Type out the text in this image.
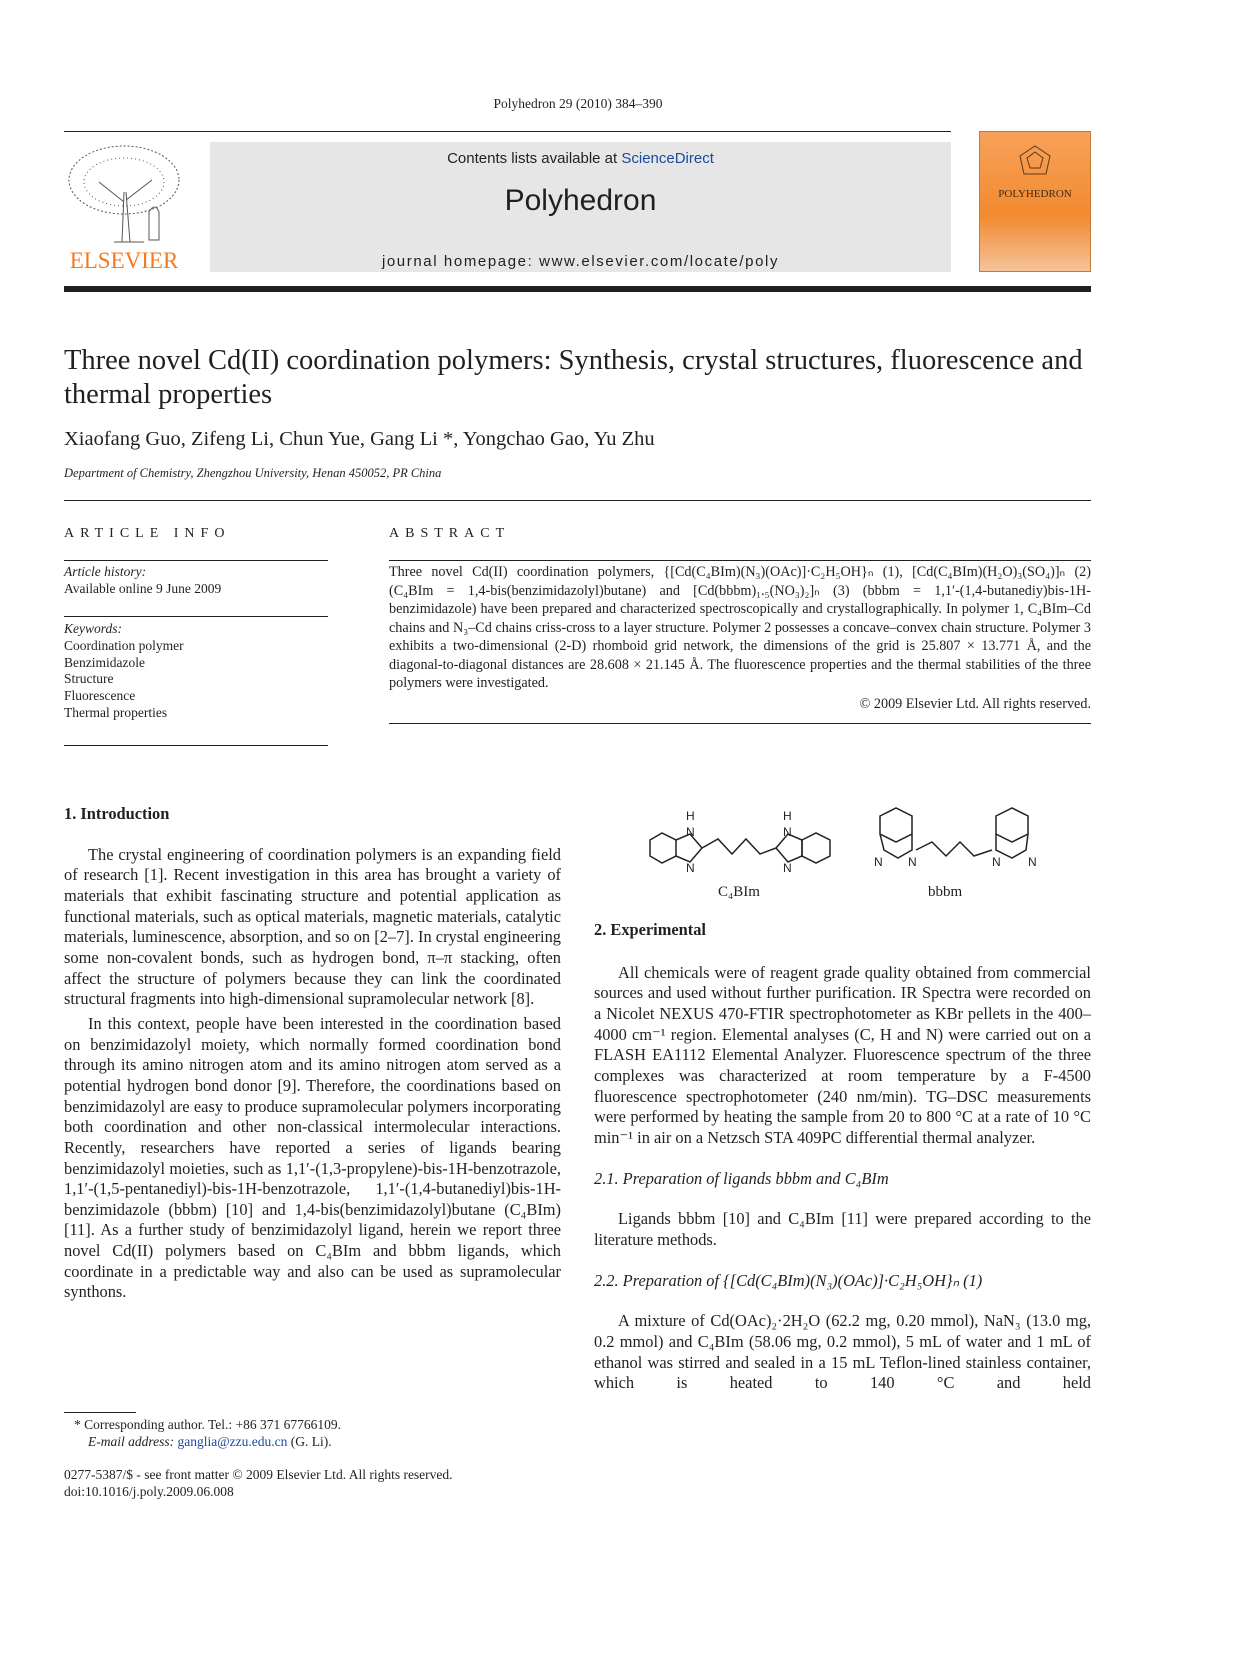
Polyhedron 29 (2010) 384–390
ELSEVIER
Contents lists available at ScienceDirect
Polyhedron
journal homepage: www.elsevier.com/locate/poly
POLYHEDRON
Three novel Cd(II) coordination polymers: Synthesis, crystal structures, fluorescence and thermal properties
Xiaofang Guo, Zifeng Li, Chun Yue, Gang Li *, Yongchao Gao, Yu Zhu
Department of Chemistry, Zhengzhou University, Henan 450052, PR China
ARTICLE INFO
Article history:
Available online 9 June 2009
Keywords:
Coordination polymer
Benzimidazole
Structure
Fluorescence
Thermal properties
ABSTRACT
Three novel Cd(II) coordination polymers, {[Cd(C₄BIm)(N₃)(OAc)]·C₂H₅OH}ₙ (1), [Cd(C₄BIm)(H₂O)₃(SO₄)]ₙ (2) (C₄BIm = 1,4-bis(benzimidazolyl)butane) and [Cd(bbbm)₁.₅(NO₃)₂]ₙ (3) (bbbm = 1,1′-(1,4-butanediy)bis-1H-benzimidazole) have been prepared and characterized spectroscopically and crystallographically. In polymer 1, C₄BIm–Cd chains and N₃–Cd chains criss-cross to a layer structure. Polymer 2 possesses a concave–convex chain structure. Polymer 3 exhibits a two-dimensional (2-D) rhomboid grid network, the dimensions of the grid is 25.807 × 13.771 Å, and the diagonal-to-diagonal distances are 28.608 × 21.145 Å. The fluorescence properties and the thermal stabilities of the three polymers were investigated.
© 2009 Elsevier Ltd. All rights reserved.
1. Introduction

The crystal engineering of coordination polymers is an expanding field of research [1]. Recent investigation in this area has brought a variety of materials that exhibit fascinating structure and potential application as functional materials, such as optical materials, magnetic materials, catalytic materials, luminescence, absorption, and so on [2–7]. In crystal engineering some non-covalent bonds, such as hydrogen bond, π–π stacking, often affect the structure of polymers because they can link the coordinated structural fragments into high-dimensional supramolecular network [8].

In this context, people have been interested in the coordination based on benzimidazolyl moiety, which normally formed coordination bond through its amino nitrogen atom and its amino nitrogen atom served as a potential hydrogen bond donor [9]. Therefore, the coordinations based on benzimidazolyl are easy to produce supramolecular polymers incorporating both coordination and other non-classical intermolecular interactions. Recently, researchers have reported a series of ligands bearing benzimidazolyl moieties, such as 1,1′-(1,3-propylene)-bis-1H-benzotrazole, 1,1′-(1,5-pentanediyl)-bis-1H-benzotrazole, 1,1′-(1,4-butanediyl)bis-1H-benzimidazole (bbbm) [10] and 1,4-bis(benzimidazolyl)butane (C₄BIm) [11]. As a further study of benzimidazolyl ligand, herein we report three novel Cd(II) polymers based on C₄BIm and bbbm ligands, which coordinate in a predictable way and also can be used as supramolecular synthons.

* Corresponding author. Tel.: +86 371 67766109.
E-mail address: ganglia@zzu.edu.cn (G. Li).
0277-5387/$ - see front matter © 2009 Elsevier Ltd. All rights reserved.
doi:10.1016/j.poly.2009.06.008
H
N
N
H
N
N	N N	N N
C₄BIm	bbbm
2. Experimental

All chemicals were of reagent grade quality obtained from commercial sources and used without further purification. IR Spectra were recorded on a Nicolet NEXUS 470-FTIR spectrophotometer as KBr pellets in the 400–4000 cm⁻¹ region. Elemental analyses (C, H and N) were carried out on a FLASH EA1112 Elemental Analyzer. Fluorescence spectrum of the three complexes was characterized at room temperature by a F-4500 fluorescence spectrophotometer (240 nm/min). TG–DSC measurements were performed by heating the sample from 20 to 800 °C at a rate of 10 °C min⁻¹ in air on a Netzsch STA 409PC differential thermal analyzer.

2.1. Preparation of ligands bbbm and C₄BIm

Ligands bbbm [10] and C₄BIm [11] were prepared according to the literature methods.

2.2. Preparation of {[Cd(C₄BIm)(N₃)(OAc)]·C₂H₅OH}ₙ (1)

A mixture of Cd(OAc)₂·2H₂O (62.2 mg, 0.20 mmol), NaN₃ (13.0 mg, 0.2 mmol) and C₄BIm (58.06 mg, 0.2 mmol), 5 mL of water and 1 mL of ethanol was stirred and sealed in a 15 mL Teflon-lined stainless container, which is heated to 140 °C and held
